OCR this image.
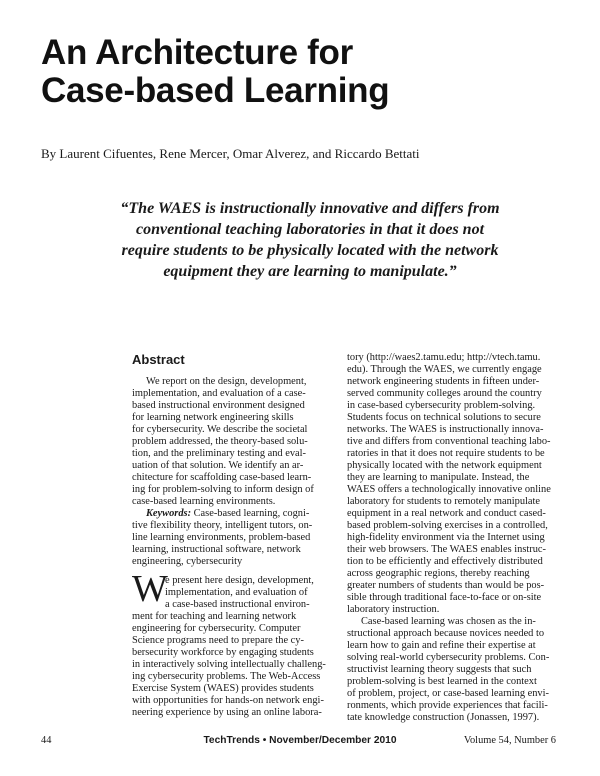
An Architecture for
Case-based Learning
By Laurent Cifuentes, Rene Mercer, Omar Alverez, and Riccardo Bettati
“The WAES is instructionally innovative and differs from
conventional teaching laboratories in that it does not
require students to be physically located with the network
equipment they are learning to manipulate.”
Abstract
We report on the design, development,
implementation, and evaluation of a case-
based instructional environment designed
for learning network engineering skills
for cybersecurity. We describe the societal
problem addressed, the theory-based solu-
tion, and the preliminary testing and eval-
uation of that solution. We identify an ar-
chitecture for scaffolding case-based learn-
ing for problem-solving to inform design of
case-based learning environments.
Keywords: Case-based learning, cogni-
tive flexibility theory, intelligent tutors, on-
line learning environments, problem-based
learning, instructional software, network
engineering, cybersecurity
W
e present here design, development,
implementation, and evaluation of
a case-based instructional environ-
ment for teaching and learning network
engineering for cybersecurity. Computer
Science programs need to prepare the cy-
bersecurity workforce by engaging students
in interactively solving intellectually challeng-
ing cybersecurity problems. The Web-Access
Exercise System (WAES) provides students
with opportunities for hands-on network engi-
neering experience by using an online labora-
tory (http://waes2.tamu.edu; http://vtech.tamu.
edu). Through the WAES, we currently engage
network engineering students in fifteen under-
served community colleges around the country
in case-based cybersecurity problem-solving.
Students focus on technical solutions to secure
networks. The WAES is instructionally innova-
tive and differs from conventional teaching labo-
ratories in that it does not require students to be
physically located with the network equipment
they are learning to manipulate. Instead, the
WAES offers a technologically innovative online
laboratory for students to remotely manipulate
equipment in a real network and conduct cased-
based problem-solving exercises in a controlled,
high-fidelity environment via the Internet using
their web browsers. The WAES enables instruc-
tion to be efficiently and effectively distributed
across geographic regions, thereby reaching
greater numbers of students than would be pos-
sible through traditional face-to-face or on-site
laboratory instruction.
Case-based learning was chosen as the in-
structional approach because novices needed to
learn how to gain and refine their expertise at
solving real-world cybersecurity problems. Con-
structivist learning theory suggests that such
problem-solving is best learned in the context
of problem, project, or case-based learning envi-
ronments, which provide experiences that facili-
tate knowledge construction (Jonassen, 1997).
44	TechTrends • November/December 2010	Volume 54, Number 6
